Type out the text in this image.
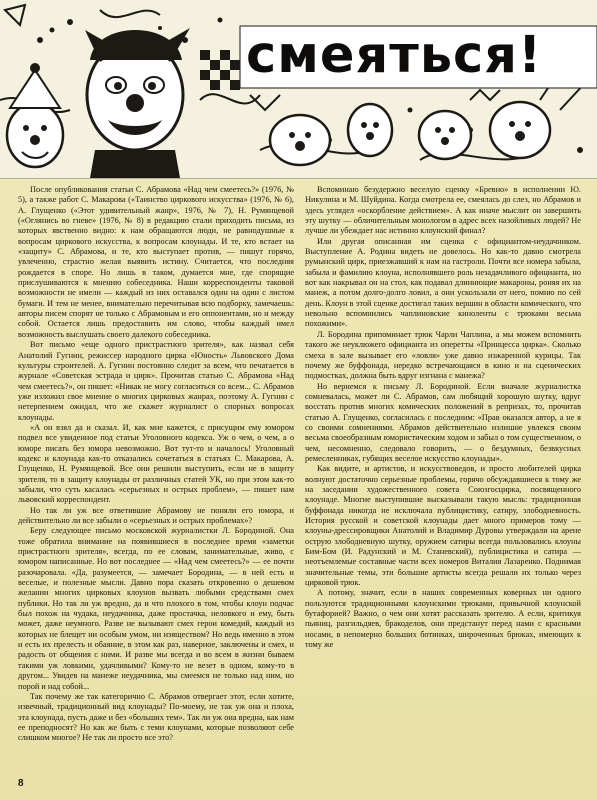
смеяться!

После опубликования статьи С. Абрамова «Над чем смеетесь?» (1976, № 5), а также работ С. Макарова («Таинство циркового искусства» (1976, № 6), А. Глущенко («Этот удивительный жанр», 1976, № 7), Н. Румянцевой («Оглянись во гневе» (1976, № 8) в редакцию стали приходить письма, из которых явственно видно: к нам обращаются люди, не равнодушные к вопросам циркового искусства, к вопросам клоунады. И те, кто встает на «защиту» С. Абрамова, и те, кто выступает против, — пишут горячо, увлеченно, страстно желая выявить истину. Считается, что последняя рождается в споре. Но лишь в таком, думается мне, где спорящие прислушиваются к мнению собеседника. Наши корреспонденты таковой возможности не имели — каждый из них оставался один на один с листом бумаги. И тем не менее, внимательно перечитывая всю подборку, замечаешь: авторы писем спорят не только с Абрамовым и его оппонентами, но и между собой. Остается лишь предоставить им слово, чтобы каждый имел возможность выслушать своего далекого собеседника.

Вот письмо «еще одного пристрастного зрителя», как назвал себя Анатолий Гугнин, режиссер народного цирка «Юность» Львовского Дома культуры строителей. А. Гугнин постоянно следит за всем, что печатается в журнале «Советская эстрада и цирк». Прочитав статью С. Абрамова «Над чем смеетесь?», он пишет: «Никак не могу согласиться со всем... С. Абрамов уже изложил свое мнение о многих цирковых жанрах, поэтому А. Гугнин с нетерпением ожидал, что же скажет журналист о спорных вопросах клоунады.

«А он взял да и сказал. И, как мне кажется, с присущим ему юмором подвел все увиденное под статьи Уголовного кодекса. Уж о чем, о чем, а о юморе писать без юмора невозможно. Вот тут-то и началось! Уголовный кодекс и клоунада как-то отказались сочетаться в статьях С. Макарова, А. Глущенко, Н. Румянцевой. Все они решили выступить, если не в защиту зрителя, то в защиту клоунады от различных статей УК, но при этом как-то забыли, что суть касалась «серьезных и острых проблем», — пишет нам львовский корреспондент.

Но так ли уж все ответившие Абрамову не поняли его юмора, и действительно ли все забыли о «серьезных и острых проблемах»?

Беру следующее письмо московской журналистки Л. Бородиной. Она тоже обратила внимание на появившиеся в последнее время «заметки пристрастного зрителя», всегда, по ее словам, занимательные, живо, с юмором написанные. Но вот последнее — «Над чем смеетесь?» — ее почти разочаровала. «Да, разумеется, — замечает Бородина, — в ней есть и веселые, и полезные мысли. Давно пора сказать откровенно о дешевом желании многих цирковых клоунов вызвать любыми средствами смех публики. Но так ли уж вредно, да и что плохого в том, чтобы клоун подчас был похож на чудака, неудачника, даже простачка, неловкого и ему, быть может, даже неумного. Разве не вызывают смех герои комедий, каждый из которых не блещет ни особым умом, ни изяществом? Но ведь именно в этом и есть их прелесть и обаяние, в этом как раз, наверное, заключены и смех, и радость от общения с ними. И разве мы всегда и во всем в жизни бываем такими уж ловкими, удачливыми? Кому-то не везет в одном, кому-то в другом... Увидев на манеже неудачника, мы смеемся не только над ним, но порой и над собой...

Так почему же так категорично С. Абрамов отвергает этот, если хотите, извечный, традиционный вид клоунады? По-моему, не так уж она и плоха, эта клоунада, пусть даже и без «больших тем». Так ли уж она вредна, как нам ее преподносят? Но как же быть с теми клоунами, которые позволяют себе слишком многое? Не так ли просто все это?

Вспоминаю безудержно веселую сценку «Бревно» в исполнении Ю. Никулина и М. Шуйдина. Когда смотрела ее, смеялась до слез, но Абрамов и здесь углядел «оскорбление действием». А как иначе мыслит он завершить эту шутку — обличительным монологом в адрес всех назойливых людей? Не лучше ли убеждает нас истинно клоунский финал?

Или другая описанная им сценка с официантом-неудачником. Выступление А. Родина видеть не довелось. Но как-то давно смотрела румынский цирк, приезжавший к нам на гастроли. Почти все номера забыла, забыла и фамилию клоуна, исполнявшего роль незадачливого официанта, но вот как накрывал он на стол, как подавал длиннющие макароны, роняя их на манеж, а потом долго-долго ловил, а они ускользали от него, помню по сей день. Клоун в этой сценке достигал таких вершин в области комического, что невольно вспомнились чаплиновские киноленты с трюками весьма похожими».

Л. Бородина припоминает трюк Чарли Чаплина, а мы можем вспомнить такого же неуклюжего официанта из оперетты «Принцесса цирка». Сколько смеха в зале вызывает его «ловля» уже давно изжаренной курицы. Так почему же буффонада, нередко встречающаяся в кино и на сценических подмостках, должна быть вдруг изгнана с манежа?

Но вернемся к письму Л. Бородиной. Если вначале журналистка сомневалась, может ли С. Абрамов, сам любящий хорошую шутку, вдруг восстать против многих комических положений в репризах, то, прочитав статью А. Глущенко, согласилась с последним: «Прав оказался автор, а не я со своими сомнениями. Абрамов действительно излишне увлекся своим весьма своеобразным юмористическим ходом и забыл о том существенном, о чем, несомненно, следовало говорить, — о бездумных, безвкусных ремесленниках, губящих веселое искусство клоунады».

Как видите, и артистов, и искусствоведов, и просто любителей цирка волнуют достаточно серьезные проблемы, горячо обсуждавшиеся к тому же на заседании художественного совета Союзгосцирка, посвященного клоунаде. Многие выступившие высказывали такую мысль: традиционная буффонада никогда не исключала публицистику, сатиру, злободневность. История русской и советской клоунады дает много примеров тому — клоуны-дрессировщики Анатолий и Владимир Дуровы утверждали на арене острую злободневную шутку, оружием сатиры всегда пользовались клоуны Бим-Бом (И. Радунский и М. Станевский), публицистика и сатира — неотъемлемые составные части всех номеров Виталия Лазаренко. Поднимая значительные темы, эти большие артисты всегда решали их только через цирковой трюк.

А потому, значит, если в наших современных коверных ни одного пользуются традиционными клоунскими трюками, привычной клоунской бутафорией? Важно, о чем они хотят рассказать зрителю. А если, критикуя пьяниц, разгильдяев, бракоделов, они предстанут перед нами с красными носами, в непомерно больших ботинках, широченных брюках, имеющих к тому же

8
